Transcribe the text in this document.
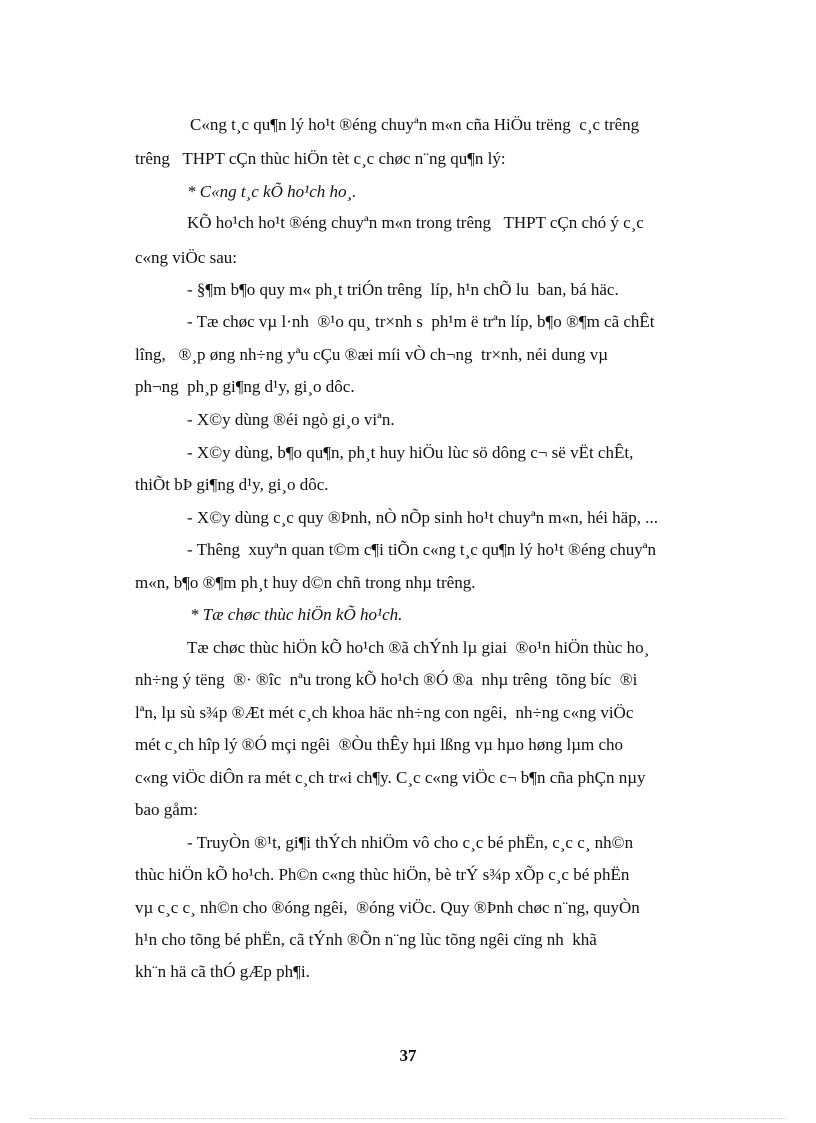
C«ng t¸c qu¶n lý ho¹t ®éng chuyªn m«n cña HiÖu trëng  c¸c trêng
trêng   THPT cÇn thùc hiÖn tèt c¸c chøc n¨ng qu¶n lý:
* C«ng t¸c kÕ ho¹ch ho¸.
KÕ ho¹ch ho¹t ®éng chuyªn m«n trong trêng   THPT cÇn chó ý c¸c
c«ng viÖc sau:
- §¶m b¶o quy m« ph¸t triÓn trêng  líp, h¹n chÕ lu  ban, bá häc.
- Tæ chøc vµ l·nh  ®¹o qu¸ tr×nh s  ph¹m ë trªn líp, b¶o ®¶m cã chÊt
lîng,   ®¸p øng nh÷ng yªu cÇu ®æi míi vÒ ch¬ng  tr×nh, néi dung vµ
ph¬ng  ph¸p gi¶ng d¹y, gi¸o dôc.
- X©y dùng ®éi ngò gi¸o viªn.
- X©y dùng, b¶o qu¶n, ph¸t huy hiÖu lùc sö dông c¬ së vËt chÊt,
thiÕt bÞ gi¶ng d¹y, gi¸o dôc.
- X©y dùng c¸c quy ®Þnh, nÒ nÕp sinh ho¹t chuyªn m«n, héi häp, ...
- Thêng  xuyªn quan t©m c¶i tiÕn c«ng t¸c qu¶n lý ho¹t ®éng chuyªn
m«n, b¶o ®¶m ph¸t huy d©n chñ trong nhµ trêng.
* Tæ chøc thùc hiÖn kÕ ho¹ch.
Tæ chøc thùc hiÖn kÕ ho¹ch ®ã chÝnh lµ giai  ®o¹n hiÖn thùc ho¸
nh÷ng ý tëng  ®· ®îc  nªu trong kÕ ho¹ch ®Ó ®a  nhµ trêng  tõng bíc  ®i
lªn, lµ sù s¾p ®Æt mét c¸ch khoa häc nh÷ng con ngêi,  nh÷ng c«ng viÖc
mét c¸ch hîp lý ®Ó mçi ngêi  ®Òu thÊy hµi lßng vµ hµo høng lµm cho
c«ng viÖc diÔn ra mét c¸ch tr«i ch¶y. C¸c c«ng viÖc c¬ b¶n cña phÇn nµy
bao gåm:
- TruyÒn ®¹t, gi¶i thÝch nhiÖm vô cho c¸c bé phËn, c¸c c¸ nh©n
thùc hiÖn kÕ ho¹ch. Ph©n c«ng thùc hiÖn, bè trÝ s¾p xÕp c¸c bé phËn
vµ c¸c c¸ nh©n cho ®óng ngêi,  ®óng viÖc. Quy ®Þnh chøc n¨ng, quyÒn
h¹n cho tõng bé phËn, cã tÝnh ®Õn n¨ng lùc tõng ngêi cïng nh  khã
kh¨n hä cã thÓ gÆp ph¶i.
37
